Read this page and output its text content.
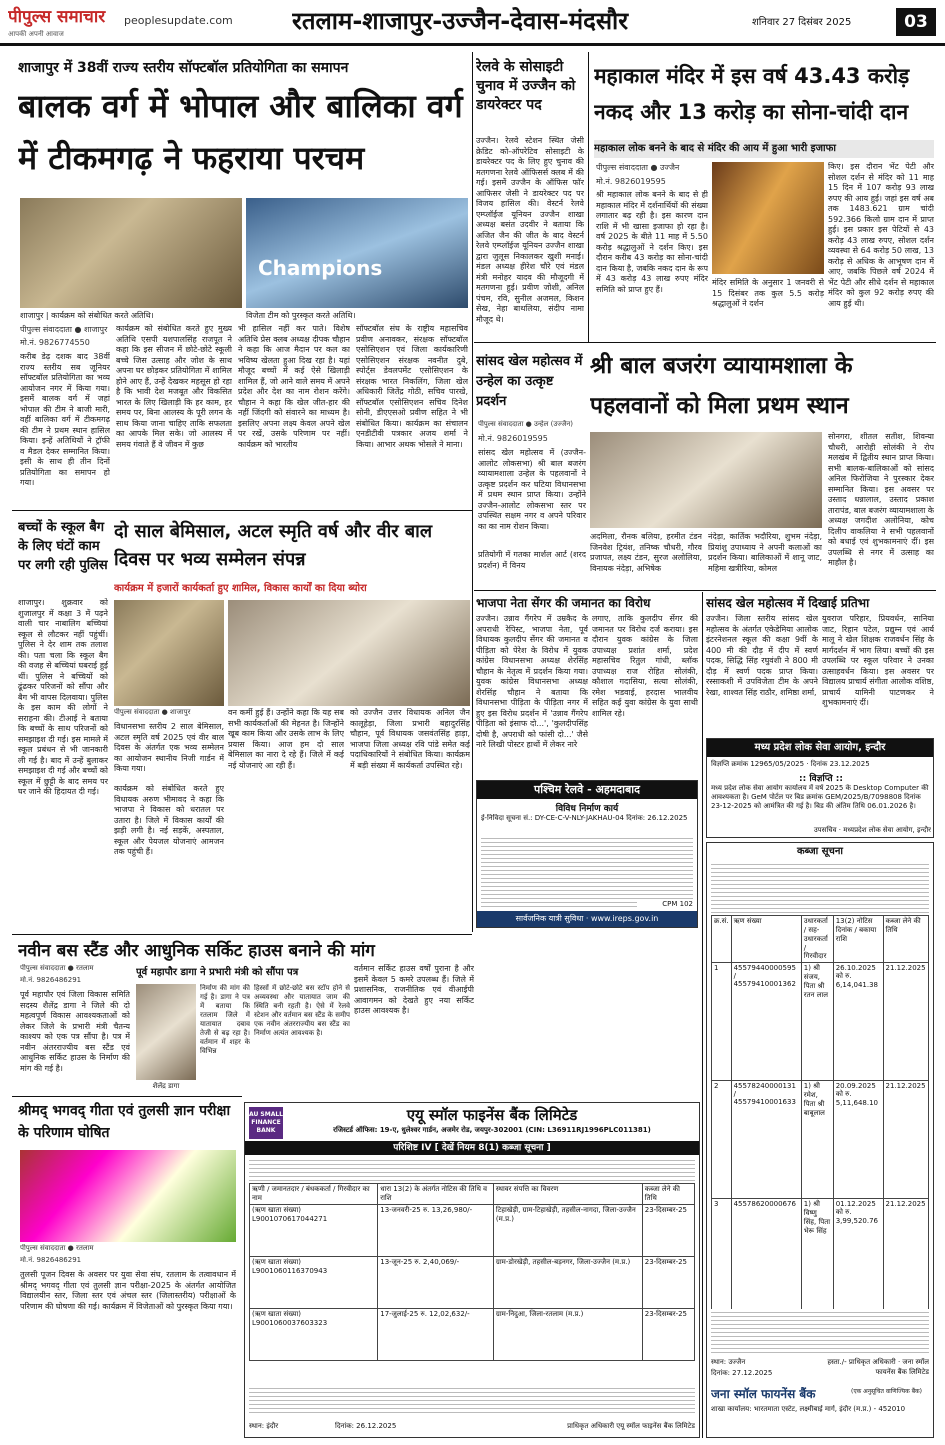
पीपुल्स समाचार
आपकी अपनी आवाज
peoplesupdate.com	रतलाम-शाजापुर-उज्जैन-देवास-मंदसौर	शनिवार 27 दिसंबर 2025	03
शाजापुर में 38वीं राज्य स्तरीय सॉफ्टबॉल प्रतियोगिता का समापन
बालक वर्ग में भोपाल और बालिका वर्ग में टीकमगढ़ ने फहराया परचम
Champions
शाजापुर | कार्यक्रम को संबोधित करते अतिथि।	विजेता टीम को पुरस्कृत करते अतिथि।
पीपुल्स संवाददाता ● शाजापुर
मो.नं. 9826774550
करीब डेढ़ दशक बाद 38वीं राज्य स्तरीय सब जूनियर सॉफ्टबॉल प्रतियोगिता का भव्य आयोजन नगर में किया गया। इसमें बालक वर्ग में जहां भोपाल की टीम ने बाजी मारी, वहीं बालिका वर्ग में टीकमगढ़ की टीम ने प्रथम स्थान हासिल किया। इन्हें अतिथियों ने ट्रॉफी व मैडल देकर सम्मानित किया। इसी के साथ ही तीन दिनों प्रतियोगिता का समापन हो गया।
कार्यक्रम को संबोधित करते हुए मुख्य अतिथि एसपी यशपालसिंह राजपूत ने कहा कि इस सीजन में छोटे-छोटे स्कूली बच्चे जिस उत्साह और जोश के साथ अपना घर छोड़कर प्रतियोगिता में शामिल होने आए हैं, उन्हें देखकर महसूस हो रहा है कि भावी देश मजबूत और विकसित भारत के लिए खिलाड़ी कि हर काम, हर समय पर, बिना आलस्य के पूरी लगन के साथ किया जाना चाहिए ताकि सफलता का आपके मिल सके। जो आलस्य में समय गंवाते हैं वे जीवन में कुछ
भी हासिल नहीं कर पाते। विशेष अतिथि प्रेस क्लब अध्यक्ष दीपक चौहान ने कहा कि आज मैदान पर कल का भविष्य खेलता हुआ दिख रहा है। यहां मौजूद बच्चों में कई ऐसे खिलाड़ी शामिल हैं, जो आने वाले समय में अपने प्रदेश और देश का नाम रोशन करेंगे। चौहान ने कहा कि खेल जीत-हार की नहीं जिंदगी को संवारने का माध्यम है। इसलिए अपना लक्ष्य केवल अपने खेल पर रखें, उसके परिणाम पर नहीं। कार्यक्रम को भारतीय
सॉफ्टबॉल संघ के राष्ट्रीय महासचिव प्रवीण अनावकर, संरक्षक सॉफ्टबॉल एसोसिएशन एवं जिला कार्यकारिणी एसोसिएशन संरक्षक नवनीत दुबे, स्पोर्ट्स डेवलपमेंट एसोसिएशन के संरक्षक भारत निकलिंग, जिला खेल अधिकारी जितेंद्र गोठी, सचिव पारखे, सॉफ्टबॉल एसोसिएशन सचिव दिनेश सोनी, डीएएसओ प्रवीण सहित ने भी संबोधित किया। कार्यक्रम का संचालन एनडीटीवी पत्रकार अजय शर्मा ने किया। आभार अथक भोसले ने माना।
रेलवे के सोसाइटी चुनाव में उज्जैन को डायरेक्टर पद
उज्जैन। रेलवे स्टेशन स्थित जेसी क्रेडिट को-ऑपरेटिव सोसाइटी के डायरेक्टर पद के लिए हुए चुनाव की मतगणना रेलवे ऑफिसर्स क्लब में की गई। इसमें उज्जैन के ऑफिस फॉर आफिसर जेसी ने डायरेक्टर पद पर विजय हासिल की। वेस्टर्न रेलवे एम्प्लॉईज यूनियन उज्जैन शाखा अध्यक्ष बसंत उदवीर ने बताया कि अजित जैन की जीत के बाद वेस्टर्न रेलवे एम्प्लॉईज यूनियन उज्जैन शाखा द्वारा जुलूस निकालकर खुशी मनाई। मंडल अध्यक्ष हीरेश चौरे एवं मंडल मंत्री मनोहर यादव की मौजूदगी में मतगणना हुई। प्रवीण जोशी, अनिल पंचम, रवि, सुनील अजमल, किशन सेख, नेहा बाथलिया, संदीप नामा मौजूद थे।
महाकाल मंदिर में इस वर्ष 43.43 करोड़ नकद और 13 करोड़ का सोना-चांदी दान
महाकाल लोक बनने के बाद से मंदिर की आय में हुआ भारी इजाफा
पीपुल्स संवाददाता ● उज्जैन
मो.नं. 9826019595
श्री महाकाल लोक बनने के बाद से ही महाकाल मंदिर में दर्शनार्थियों की संख्या लगातार बढ़ रही है। इस कारण दान राशि में भी खासा इजाफा हो रहा है। वर्ष 2025 के बीते 11 माह में 5.50 करोड़ श्रद्धालुओं ने दर्शन किए। इस दौरान करीब 43 करोड़ का सोना-चांदी दान किया है, जबकि नकद दान के रूप में 43 करोड़ 43 लाख रुपए मंदिर समिति को प्राप्त हुए हैं।
किए। इस दौरान भेंट पेटी और सोशल दर्शन से मंदिर को 11 माह 15 दिन में 107 करोड़ 93 लाख रुपए की आय हुई। जहां इस वर्ष अब तक 1483.621 ग्राम चांदी 592.366 किलो ग्राम दान में प्राप्त हुई। इस प्रकार इस पेटियों से 43 करोड़ 43 लाख रुपए, सोशल दर्शन व्यवस्था से 64 करोड़ 50 लाख, 13 करोड़ से अधिक के आभूषण दान में आए, जबकि पिछले वर्ष 2024 में भेंट पेटी और सीधे दर्शन से महाकाल मंदिर को कुल 92 करोड़ रुपए की आय हुई थी।
मंदिर समिति के अनुसार 1 जनवरी से 15 दिसंबर तक कुल 5.5 करोड़ श्रद्धालुओं ने दर्शन
सांसद खेल महोत्सव में उन्हेल का उत्कृष्ट प्रदर्शन
श्री बाल बजरंग व्यायामशाला के पहलवानों को मिला प्रथम स्थान
पीपुल्स संवाददाता ● उन्हेल (उज्जैन)
मो.नं. 9826019595
सांसद खेल महोत्सव में (उज्जैन-आलोट लोकसभा) श्री बाल बजरंग व्यायामशाला उन्हेल के पहलवानों ने उत्कृष्ट प्रदर्शन कर घटिया विधानसभा में प्रथम स्थान प्राप्त किया। उन्होंने उज्जैन-आलोट लोकसभा स्तर पर उपस्थित सक्षम नगर व अपने परिवार का का नाम रोशन किया।
प्रतियोगी में गतका मार्शल आर्ट (शरद प्रदर्शन) में विनय
अदमिला, रौनक बलिया, हरमीत टंडन जिनवेश ट्रियंश, तनिष्क चौधरी, गौरव प्रजापत, लक्ष्य टंडन, सुरज अलोलिया, विनायक नंदेड़ा, अभिषेक
नंदेड़ा, कार्तिक भदौरिया, शुभम नंदेड़ा, प्रियांशु उपाध्याय ने अपनी कलाओं का प्रदर्शन किया। बालिकाओं में शानू जाट, महिमा खत्रीरिया, कोमल
सोनगरा, शीतल सतीश, शिवन्या चौधरी, आरोही सोलंकी ने रोप मलखंब में द्वितीय स्थान प्राप्त किया। सभी बालक-बालिकाओं को सांसद अनिल फिरोजिया ने पुरस्कार देकर सम्मानित किया। इस अवसर पर उस्ताद धन्नालाल, उस्ताद प्रकाश तारापंड, बाल बजरंग व्यायामशाला के अध्यक्ष जगदीश अलोनिया, कोच दिलीप वाकलिया ने सभी पहलवानों को बधाई एवं शुभकामनाएं दीं। इस उपलब्धि से नगर में उत्साह का माहौल है।
बच्चों के स्कूल बैग के लिए घंटों काम पर लगी रही पुलिस
शाजापुर। शुक्रवार को शुजालपुर में कक्षा 3 में पढ़ने वाली चार नाबालिग बच्चियां स्कूल से लौटकर नहीं पहुंचीं। पुलिस ने देर शाम तक तलाश की। पता चला कि स्कूल बैग की वजह से बच्चियां घबराई हुई थीं। पुलिस ने बच्चियों को ढूंढकर परिजनों को सौंपा और बैग भी वापस दिलवाया। पुलिस के इस काम की लोगों ने सराहना की। टीआई ने बताया कि बच्चों के साथ परिजनों को समझाइश दी गई। इस मामले में स्कूल प्रबंधन से भी जानकारी ली गई है। बाद में उन्हें बुलाकर समझाइश दी गई और बच्चों को स्कूल में छुट्टी के बाद समय पर घर जाने की हिदायत दी गई।
दो साल बेमिसाल, अटल स्मृति वर्ष और वीर बाल दिवस पर भव्य सम्मेलन संपन्न
कार्यक्रम में हजारों कार्यकर्ता हुए शामिल, विकास कार्यों का दिया ब्योरा
पीपुल्स संवाददाता ● शाजापुर
विधानसभा स्तरीय 2 साल बेमिसाल, अटल स्मृति वर्ष 2025 एवं वीर बाल दिवस के अंतर्गत एक भव्य सम्मेलन का आयोजन स्थानीय निजी गार्डन में किया गया।
कार्यक्रम को संबोधित करते हुए विधायक अरुण भीमावद ने कहा कि भाजपा ने विकास को धरातल पर उतारा है। जिले में विकास कार्यों की झड़ी लगी है। नई सड़कें, अस्पताल, स्कूल और पेयजल योजनाएं आमजन तक पहुंची हैं।
वन कर्मी हुई हैं। उन्होंने कहा कि यह सब सभी कार्यकर्ताओं की मेहनत है। जिन्होंने खूब काम किया और उसके लाभ के लिए प्रयास किया। आज हम दो साल बेमिसाल का नारा दे रहे हैं। जिले में कई नई योजनाएं आ रही हैं।
को उज्जैन उत्तर विधायक अनिल जैन कालूहेड़ा, जिला प्रभारी बहादुरसिंह चौहान, पूर्व विधायक जसवंतसिंह हाड़ा, भाजपा जिला अध्यक्ष रवि पांडे समेत कई पदाधिकारियों ने संबोधित किया। कार्यक्रम में बड़ी संख्या में कार्यकर्ता उपस्थित रहे।
भाजपा नेता सेंगर की जमानत का विरोध
उज्जैन। उन्नाव गैंगरेप में उम्रकैद के अपराधी रेपिस्ट, भाजपा नेता, पूर्व विधायक कुलदीप सेंगर की जमानत व पीड़िता को पेरेश के विरोध में युवक कांग्रेस विधानसभा अध्यक्ष शेरसिंह चौहान के नेतृत्व में प्रदर्शन किया गया। युवक कांग्रेस विधानसभा अध्यक्ष शेरसिंह चौहान ने बताया कि विधानसभा पीड़िता के पीड़िता नगर में हुए इस विरोध प्रदर्शन में 'उन्नाव गैंगरेप पीड़िता को इंसाफ दो...', 'कुलदीपसिंह दोषी है, अपराधी को फांसी दो...' जैसे नारे लिखी पोस्टर हाथों में लेकर नारे
लगाए, ताकि कुलदीप सेंगर की जमानत पर विरोध दर्ज कराया। इस दौरान युवक कांग्रेस के जिला उपाध्यक्ष प्रशांत शर्मा, प्रदेश महासचिव रितुल गांधी, ब्लॉक उपाध्यक्ष राज रोहित सोलंकी, कौशाल गदासिया, सत्या सोलंकी, रमेश भडवाई, हरदास भालवीय सहित कई युवा कांग्रेस के युवा साथी शामिल रहे।
सांसद खेल महोत्सव में दिखाई प्रतिभा
उज्जैन। जिला स्तरीय सांसद खेल महोत्सव के अंतर्गत एकेडेमिया आलोक इंटरनेशनल स्कूल की कक्षा 9वीं के 400 मी की दौड़ में दीप में स्वर्ण पदक, सिद्धि सिंह रघुवंशी ने 800 मी दौड़ में स्वर्ण पदक प्राप्त किया। रस्साकशी में उपविजेता टीम के अपने रेखा, शाश्वत सिंह राठौर, शमिष्ठा शर्मा,
युवराज परिहार, प्रियवर्धन, सानिया जाट, रिहान पटेल, प्रद्युम्न एवं आर्य मालू ने खेल शिक्षक राजवर्धन सिंह के मार्गदर्शन में भाग लिया। बच्चों की इस उपलब्धि पर स्कूल परिवार ने उनका उत्साहवर्धन किया। इस अवसर पर विद्यालय प्राचार्य संगीता आलोक वशिष्ठ, प्राचार्य यामिनी पाटणकर ने शुभकामनाएं दीं।
मध्य प्रदेश लोक सेवा आयोग, इन्दौर
विज्ञप्ति क्रमांक 12965/05/2025 · दिनांक 23.12.2025
:: विज्ञप्ति ::
मध्य प्रदेश लोक सेवा आयोग कार्यालय में वर्ष 2025 के Desktop Computer की आवश्यकता है। GeM पोर्टल पर बिड क्रमांक GEM/2025/B/7098808 दिनांक 23-12-2025 को आमंत्रित की गई है। बिड की अंतिम तिथि 06.01.2026 है।
उपसचिव · मध्यप्रदेश लोक सेवा आयोग, इन्दौर
पश्चिम रेलवे - अहमदाबाद
विविध निर्माण कार्य
ई-निविदा सूचना सं.: DY-CE-C-V-NLY-JAKHAU-04 दिनांक: 26.12.2025
CPM 102
सार्वजनिक यात्री सुविधा · www.ireps.gov.in
कब्जा सूचना
क्र.सं.	ऋण संख्या	उधारकर्ता / सह-उधारकर्ता / गिरवीदार	13(2) नोटिस दिनांक / बकाया राशि	कब्जा लेने की तिथि
1	45579440000595 / 45579410001362	1) श्री संजय, पिता श्री रतन लाल	26.10.2025 को रु. 6,14,041.38	21.12.2025
2	45578240000131 / 45579410001633	1) श्री रमेश, पिता श्री बाबूलाल	20.09.2025 को रु. 5,11,648.10	21.12.2025
3	45578620000676	1) श्री विष्णु सिंह, पिता भेरू सिंह	01.12.2025 को रु. 3,99,520.76	21.12.2025
स्थान: उज्जैन
दिनांक: 27.12.2025
हस्ता./- प्राधिकृत अधिकारी · जना स्मॉल फायनेंस बैंक लिमिटेड
जना स्मॉल फायनेंस बैंक	(एक अनुसूचित वाणिज्यिक बैंक)
शाखा कार्यालय: भारतमाता एस्टेट, लक्ष्मीबाई मार्ग, इंदौर (म.प्र.) - 452010
नवीन बस स्टैंड और आधुनिक सर्किट हाउस बनाने की मांग
पीपुल्स संवाददाता ● रतलाम
मो.नं. 9826486291
पूर्व महापौर एवं जिला विकास समिति सदस्य शैलेंद्र डागा ने जिले की दो महत्वपूर्ण विकास आवश्यकताओं को लेकर जिले के प्रभारी मंत्री चैतन्य काश्यप को एक पत्र सौंपा है। पत्र में नवीन अंतरराज्यीय बस स्टैंड एवं आधुनिक सर्किट हाउस के निर्माण की मांग की गई है।
पूर्व महापौर डागा ने प्रभारी मंत्री को सौंपा पत्र
शैलेंद्र डागा
निर्माण की मांग की गई है। डागा ने पत्र में बताया कि रतलाम जिले में यातायात दबाव तेजी से बढ़ रहा है। वर्तमान में शहर के विभिन्न
हिस्सों में छोटे-छोटे बस स्टॉप होने से अव्यवस्था और यातायात जाम की स्थिति बनी रहती है। ऐसे में रेलवे स्टेशन और वर्तमान बस स्टैंड के समीप एक नवीन अंतरराज्यीय बस स्टैंड का निर्माण अत्यंत आवश्यक है।
वर्तमान सर्किट हाउस वर्षों पुराना है और इसमें केवल 5 कमरे उपलब्ध हैं। जिले में प्रशासनिक, राजनीतिक एवं वीआईपी आवागमन को देखते हुए नया सर्किट हाउस आवश्यक है।
श्रीमद् भगवद् गीता एवं तुलसी ज्ञान परीक्षा के परिणाम घोषित
पीपुल्स संवाददाता ● रतलाम
मो.नं. 9826486291
तुलसी पूजन दिवस के अवसर पर युवा सेवा संघ, रतलाम के तत्वावधान में श्रीमद् भगवद् गीता एवं तुलसी ज्ञान परीक्षा-2025 के अंतर्गत आयोजित विद्यालयीन स्तर, जिला स्तर एवं अंचल स्तर (जिलास्तरीय) परीक्षाओं के परिणाम की घोषणा की गई। कार्यक्रम में विजेताओं को पुरस्कृत किया गया।
AU SMALL FINANCE BANK
एयू स्मॉल फाइनेंस बैंक लिमिटेड
रजिस्टर्ड ऑफिस: 19-ए, धुलेश्वर गार्डन, अजमेर रोड, जयपुर-302001 (CIN: L36911RJ1996PLC011381)
परिशिष्ट IV [ देखें नियम 8(1) कब्जा सूचना ]
ऋणी / जमानतदार / बंधककर्ता / गिरवीदार का नाम	धारा 13(2) के अंतर्गत नोटिस की तिथि व राशि	स्थावर संपत्ति का विवरण	कब्जा लेने की तिथि
(ऋण खाता संख्या) L9001070617044271	13-जनवरी-25 रु. 13,26,980/-	टिहाखेड़ी, ग्राम-टिहाखेड़ी, तहसील-नागदा, जिला-उज्जैन (म.प्र.)	23-दिसम्बर-25
(ऋण खाता संख्या) L9001060116370943	13-जून-25 रु. 2,40,069/-	ग्राम-डोरखेड़ी, तहसील-बड़नगर, जिला-उज्जैन (म.प्र.)	23-दिसम्बर-25
(ऋण खाता संख्या) L9001060037603323	17-जुलाई-25 रु. 12,02,632/-	ग्राम-निदुआ, जिला-रतलाम (म.प्र.)	23-दिसम्बर-25
स्थान: इंदौर	दिनांक: 26.12.2025	प्राधिकृत अधिकारी एयू स्मॉल फाइनेंस बैंक लिमिटेड
